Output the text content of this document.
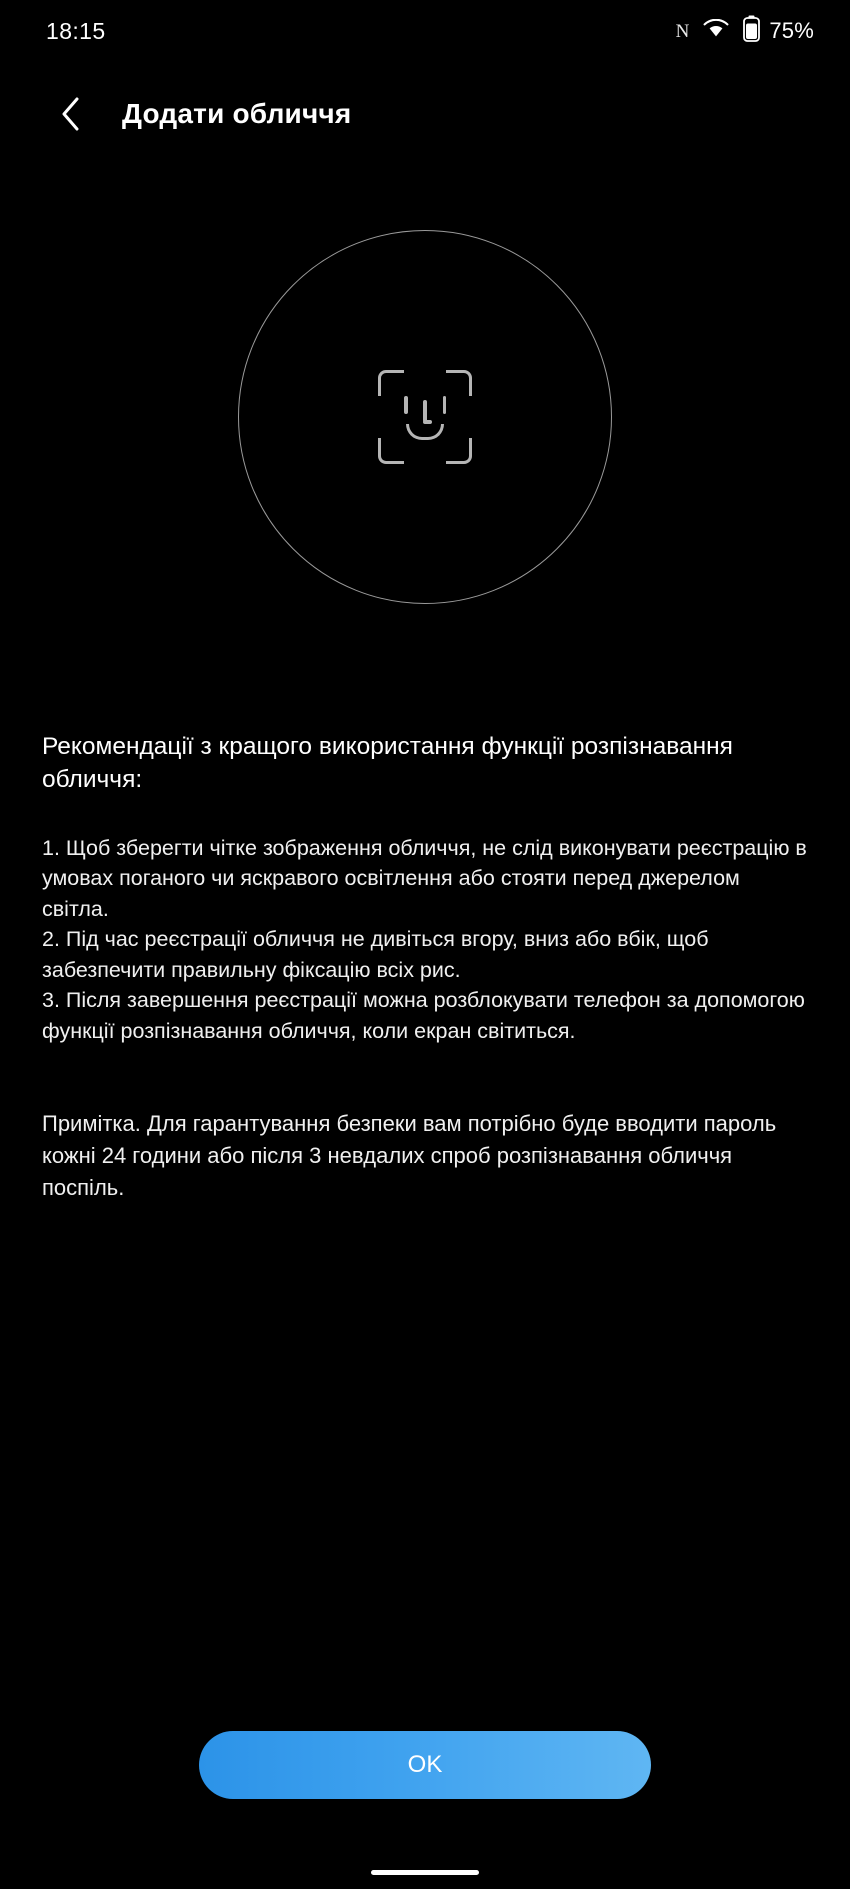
18:15	N	75%
Додати обличчя
Рекомендації з кращого використання функції розпізнавання обличчя:

1. Щоб зберегти чітке зображення обличчя, не слід виконувати реєстрацію в умовах поганого чи яскравого освітлення або стояти перед джерелом світла.

2. Під час реєстрації обличчя не дивіться вгору, вниз або вбік, щоб забезпечити правильну фіксацію всіх рис.

3. Після завершення реєстрації можна розблокувати телефон за допомогою функції розпізнавання обличчя, коли екран світиться.

Примітка. Для гарантування безпеки вам потрібно буде вводити пароль кожні 24 години або після 3 невдалих спроб розпізнавання обличчя поспіль.
OK
